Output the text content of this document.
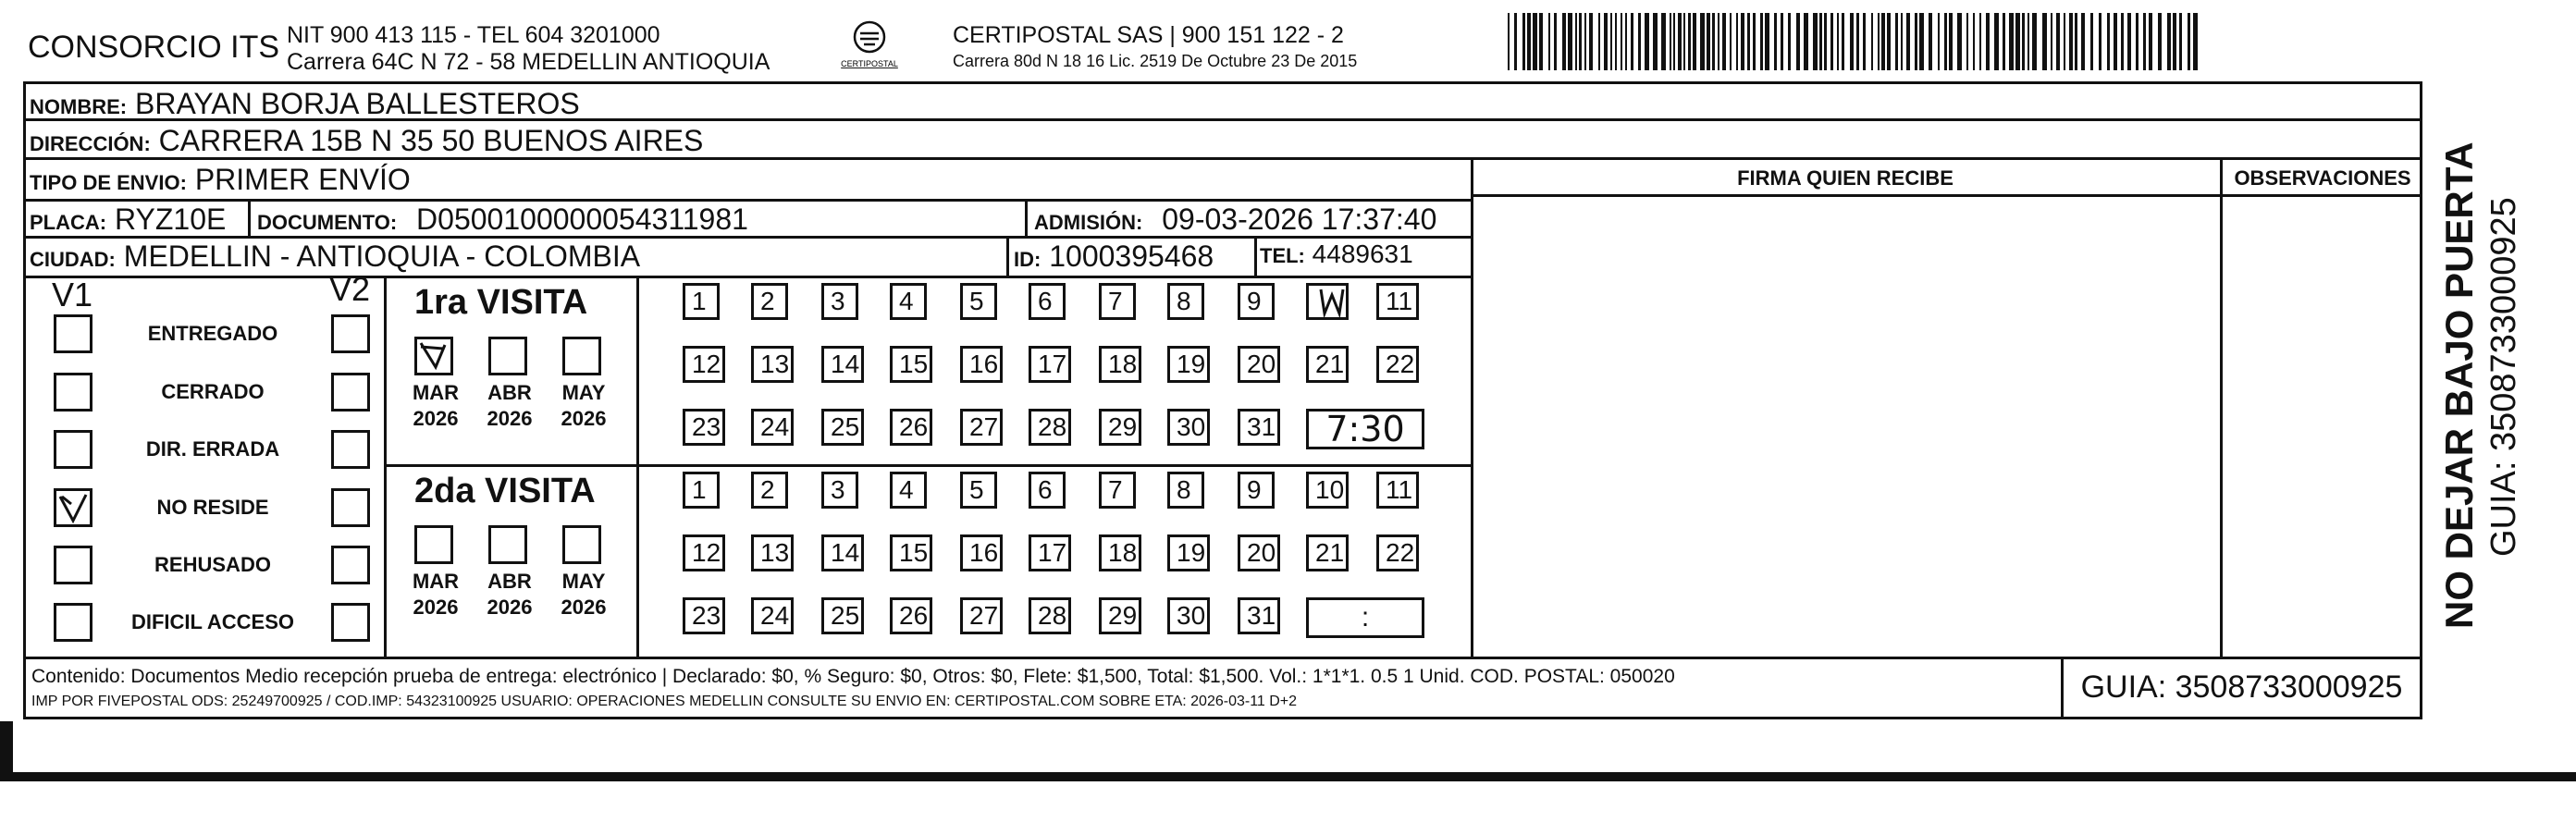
CONSORCIO ITS NIT 900 413 115 - TEL 604 3201000
Carrera 64C N 72 - 58 MEDELLIN ANTIOQUIA	CERTIPOSTAL
CERTIPOSTAL SAS | 900 151 122 - 2
Carrera 80d N 18 16 Lic. 2519 De Octubre 23 De 2015
NOMBRE: BRAYAN BORJA BALLESTEROS
DIRECCIÓN: CARRERA 15B N 35 50 BUENOS AIRES
TIPO DE ENVIO: PRIMER ENVÍO
PLACA: RYZ10E DOCUMENTO: D0500100000054311981	ADMISIÓN: 09-03-2026 17:37:40
CIUDAD: MEDELLIN - ANTIOQUIA - COLOMBIA	ID: 1000395468 TEL: 4489631
FIRMA QUIEN RECIBE	OBSERVACIONES
V1	V2
ENTREGADO
CERRADO
DIR. ERRADA
NO RESIDE
REHUSADO
DIFICIL ACCESO
1ra VISITA
2da VISITA
MAR
2026
ABR
2026
MAY
2026
1	2	3	4	5	6	7	8	9	11
12	13	14	15	16	17	18	19	20	21	22
23	24	25	26	27	28	29	30	31	7:30
MAR
2026
ABR
2026
MAY
2026
1	2	3	4	5	6	7	8	9	10	11
12	13	14	15	16	17	18	19	20	21	22
23	24	25	26	27	28	29	30	31	:
Contenido: Documentos Medio recepción prueba de entrega: electrónico | Declarado: $0, % Seguro: $0, Otros: $0, Flete: $1,500, Total: $1,500. Vol.: 1*1*1. 0.5 1 Unid. COD. POSTAL: 050020
IMP POR FIVEPOSTAL ODS: 25249700925 / COD.IMP: 54323100925 USUARIO: OPERACIONES MEDELLIN CONSULTE SU ENVIO EN: CERTIPOSTAL.COM SOBRE ETA: 2026-03-11 D+2	GUIA: 3508733000925
NO DEJAR BAJO PUERTA GUIA: 3508733000925
